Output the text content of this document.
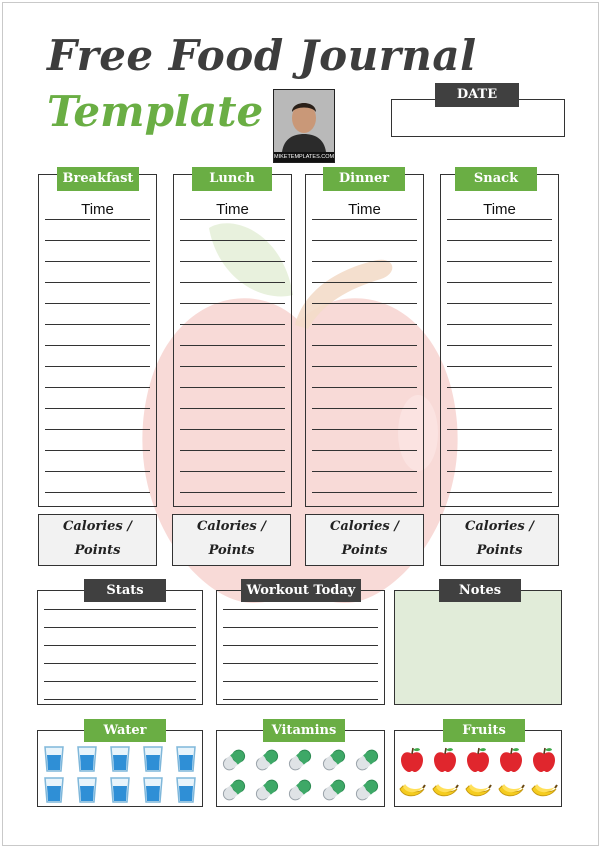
Free Food Journal
Template
MIKETEMPLATES.COM
DATE
Time
Breakfast
Time
Lunch
Time
Dinner
Time
Snack
Calories /
Points
Calories /
Points
Calories /
Points
Calories /
Points
Stats	Workout Today	Notes
Water	Vitamins	Fruits
